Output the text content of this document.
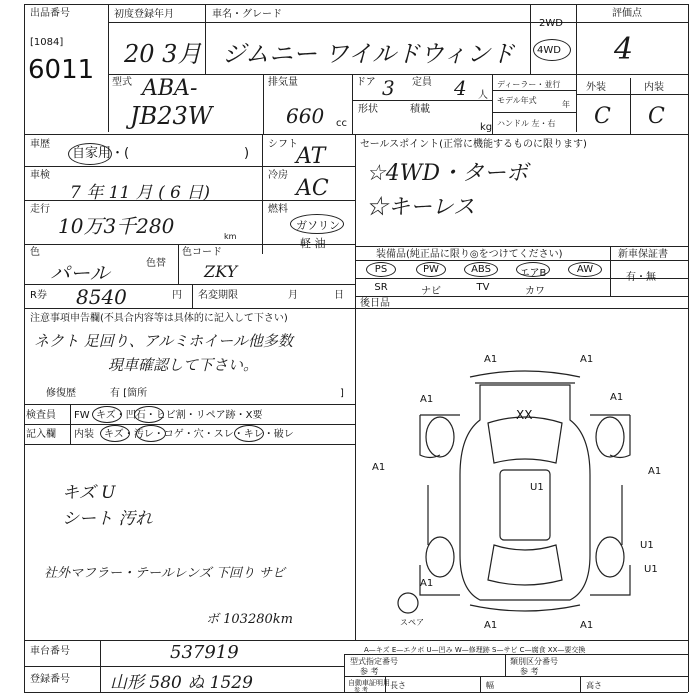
出品番号
[1084]
6011
初度登録年月
20 3月
車名・グレード
ジムニー ワイルドウィンド
2WD
4WD
評価点
4
型式 ABA-
JB23W
排気量
660 cc
ドア 3 定員 4 人
形状	積載
kg
ディーラー・並行
モデル年式	年
ハンドル 左・右
外装	内装
C C
車歴
自家用・(	)
シフト
AT
車検
7 年 11 月 ( 6 日)
冷房
AC
走行
10万3千280	km
燃料
ガソリン
軽 油
色
パール	色替
色コード
ZKY
R券 8540	円 名変期限	月	日
セールスポイント(正常に機能するものに限ります)
☆4WD・ターボ
☆キーレス
装備品(純正品に限り◎をつけてください)
PS	PW	ABS	エアB	AW
SR	ナビ	TV	カワ
新車保証書
有・無
後日品
注意事項申告欄(不具合内容等は具体的に記入して下さい)
ネクト 足回り、アルミホイール他多数
現車確認して下さい。
修復歴	有 [箇所	]
検査員
記入欄
FW キズ・凹石・ヒビ割・リペア跡・X要
内装 キズ・汚レ・コゲ・穴・スレ・キレ・破レ
キズ U
シート 汚れ
社外マフラー・テールレンズ 下回り サビ
ボ 103280km
A1	A1
A1	A1
XX
A1
U1
U1
A1
A1
A1	A1
U1
スペア
A—キズ E—エクボ U—凹み W—修理跡 S—サビ C—腐食 XX—要交換
車台番号	537919
登録番号 山形 580 ぬ 1529
型式指定番号
参 考
類別区分番号
参 考
自動車証明用
参 考
長さ	幅	高さ
